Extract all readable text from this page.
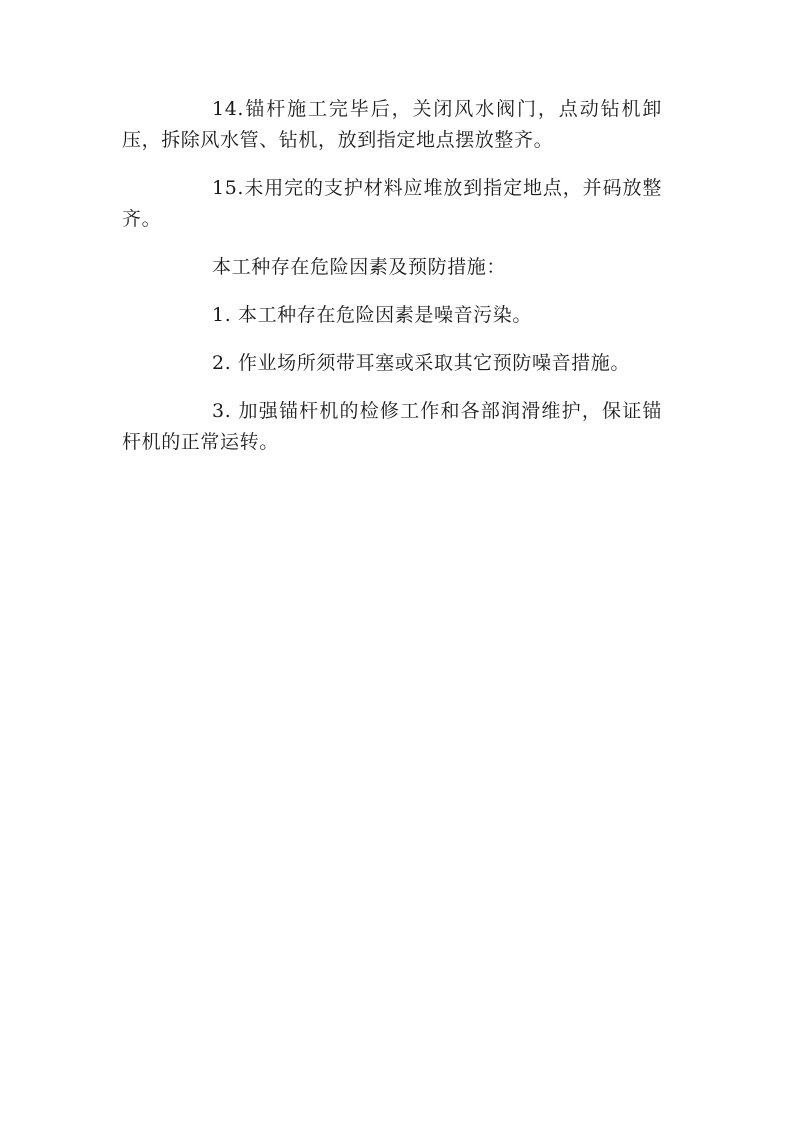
14.锚杆施工完毕后，关闭风水阀门，点动钻机卸压，拆除风水管、钻机，放到指定地点摆放整齐。

15.未用完的支护材料应堆放到指定地点，并码放整齐。

本工种存在危险因素及预防措施：

1. 本工种存在危险因素是噪音污染。

2. 作业场所须带耳塞或采取其它预防噪音措施。

3. 加强锚杆机的检修工作和各部润滑维护，保证锚杆机的正常运转。
